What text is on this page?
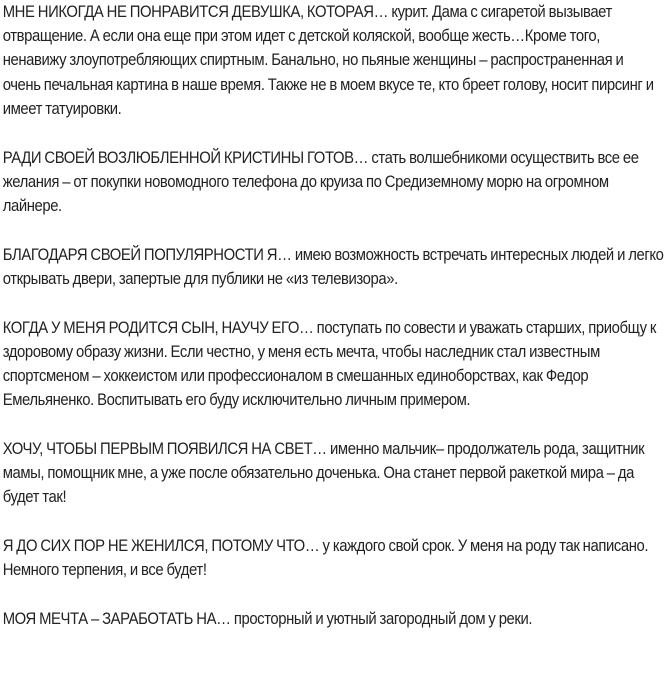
МНЕ НИКОГДА НЕ ПОНРАВИТСЯ ДЕВУШКА, КОТОРАЯ… курит. Дама с сигаретой вызывает отвращение. А если она еще при этом идет с детской коляской, вообще жесть…Кроме того, ненавижу злоупотребляющих спиртным. Банально, но пьяные женщины – распространенная и очень печальная картина в наше время. Также не в моем вкусе те, кто бреет голову, носит пирсинг и имеет татуировки.

РАДИ СВОЕЙ ВОЗЛЮБЛЕННОЙ КРИСТИНЫ ГОТОВ… стать волшебникоми осуществить все ее желания – от покупки новомодного телефона до круиза по Средиземному морю на огромном лайнере.

БЛАГОДАРЯ СВОЕЙ ПОПУЛЯРНОСТИ Я… имею возможность встречать интересных людей и легко открывать двери, запертые для публики не «из телевизора».

КОГДА У МЕНЯ РОДИТСЯ СЫН, НАУЧУ ЕГО… поступать по совести и уважать старших, приобщу к здоровому образу жизни. Если честно, у меня есть мечта, чтобы наследник стал известным спортсменом – хоккеистом или профессионалом в смешанных единоборствах, как Федор Емельяненко. Воспитывать его буду исключительно личным примером.

ХОЧУ, ЧТОБЫ ПЕРВЫМ ПОЯВИЛСЯ НА СВЕТ… именно мальчик– продолжатель рода, защитник мамы, помощник мне, а уже после обязательно доченька. Она станет первой ракеткой мира – да будет так!

Я ДО СИХ ПОР НЕ ЖЕНИЛСЯ, ПОТОМУ ЧТО… у каждого свой срок. У меня на роду так написано. Немного терпения, и все будет!

МОЯ МЕЧТА – ЗАРАБОТАТЬ НА… просторный и уютный загородный дом у реки.
